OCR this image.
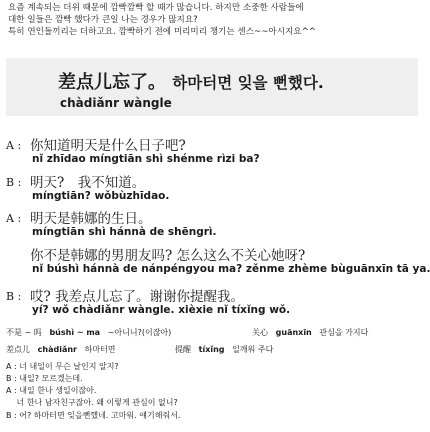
요즘 계속되는 더위 때문에 깜빡깜빡 할 때가 많습니다. 하지만 소중한 사람들에
대한 일들은 깜빡 했다가 큰일 나는 경우가 많지요?
특히 연인들끼리는 더하고요. 깜빡하기 전에 미리미리 챙기는 센스~~아시지요^^
差点儿忘了。 하마터면 잊을 뻔했다.
chàdiǎnr wàngle
A : 你知道明天是什么日子吧?
nǐ zhīdao míngtiān shì shénme rìzi ba?
B : 明天?　我不知道。
míngtiān? wǒbùzhīdao.
A : 明天是韩娜的生日。
míngtiān shì hánnà de shēngrì.
你不是韩娜的男朋友吗? 怎么这么不关心她呀?
nǐ búshì hánnà de nánpéngyou ma? zěnme zhème bùguānxīn tā ya.
B : 哎? 我差点儿忘了。谢谢你提醒我。
yí? wǒ chàdiǎnr wàngle. xièxie nǐ tíxǐng wǒ.
不是 ~ 吗 búshì ~ ma ~아니니?(이잖아)	关心 guānxīn 관심을 가지다
差点儿 chàdiǎnr 하마터면	提醒 tíxǐng 일깨워 주다
A : 너 내일이 무슨 날인지 알지?
B : 내일? 모르겠는데.
A : 내일 한나 생일이잖아.
　 너 한나 남자친구잖아. 왜 이렇게 관심이 없니?
B : 어? 하마터면 잊을뻔했네. 고마워. 얘기해줘서.
